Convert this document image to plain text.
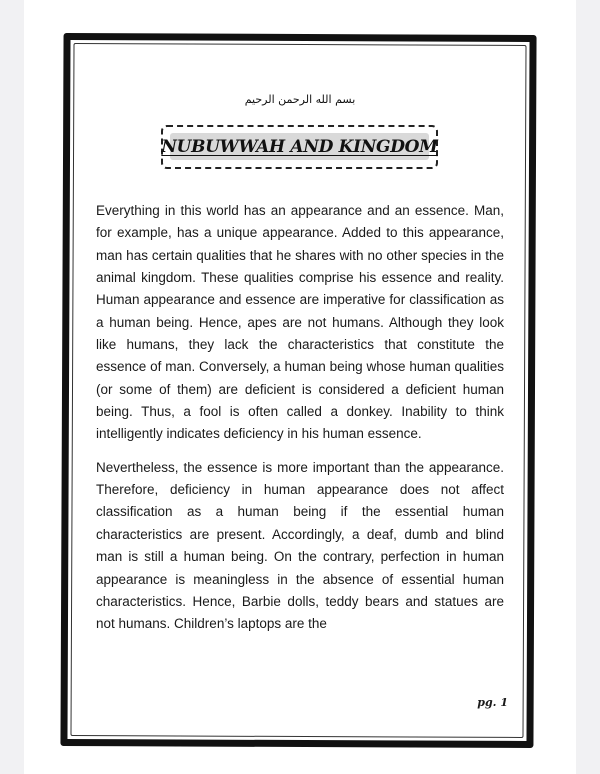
بسم الله الرحمن الرحيم
NUBUWWAH AND KINGDOM

Everything in this world has an appearance and an essence. Man, for example, has a unique appearance. Added to this appearance, man has certain qualities that he shares with no other species in the animal kingdom. These qualities comprise his essence and reality. Human appearance and essence are imperative for classification as a human being. Hence, apes are not humans. Although they look like humans, they lack the characteristics that constitute the essence of man. Conversely, a human being whose human qualities (or some of them) are deficient is considered a deficient human being. Thus, a fool is often called a donkey. Inability to think intelligently indicates deficiency in his human essence.

Nevertheless, the essence is more important than the appearance. Therefore, deficiency in human appearance does not affect classification as a human being if the essential human characteristics are present. Accordingly, a deaf, dumb and blind man is still a human being. On the contrary, perfection in human appearance is meaningless in the absence of essential human characteristics. Hence, Barbie dolls, teddy bears and statues are not humans. Children’s laptops are the

pg. 1
